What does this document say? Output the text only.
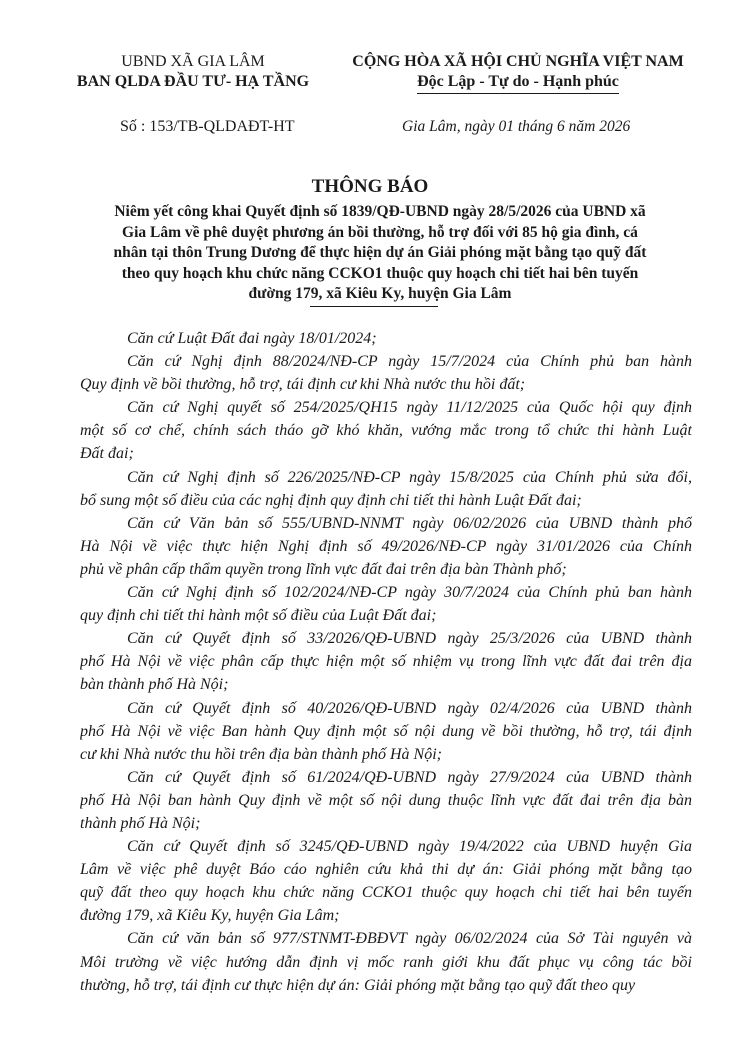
UBND XÃ GIA LÂM
BAN QLDA ĐẦU TƯ- HẠ TẦNG
CỘNG HÒA XÃ HỘI CHỦ NGHĨA VIỆT NAM
Độc Lập - Tự do - Hạnh phúc
Số : 153/TB-QLDAĐT-HT	Gia Lâm, ngày 01 tháng 6 năm 2026
THÔNG BÁO
Niêm yết công khai Quyết định số 1839/QĐ-UBND ngày 28/5/2026 của UBND xã
Gia Lâm về phê duyệt phương án bồi thường, hỗ trợ đối với 85 hộ gia đình, cá
nhân tại thôn Trung Dương để thực hiện dự án Giải phóng mặt bằng tạo quỹ đất
theo quy hoạch khu chức năng CCKO1 thuộc quy hoạch chi tiết hai bên tuyến
đường 179, xã Kiêu Ky, huyện Gia Lâm
Căn cứ Luật Đất đai ngày 18/01/2024;
Căn cứ Nghị định 88/2024/NĐ-CP ngày 15/7/2024 của Chính phủ ban hành
Quy định về bồi thường, hỗ trợ, tái định cư khi Nhà nước thu hồi đất;
Căn cứ Nghị quyết số 254/2025/QH15 ngày 11/12/2025 của Quốc hội quy định
một số cơ chế, chính sách tháo gỡ khó khăn, vướng mắc trong tổ chức thi hành Luật
Đất đai;
Căn cứ Nghị định số 226/2025/NĐ-CP ngày 15/8/2025 của Chính phủ sửa đổi,
bổ sung một số điều của các nghị định quy định chi tiết thi hành Luật Đất đai;
Căn cứ Văn bản số 555/UBND-NNMT ngày 06/02/2026 của UBND thành phố
Hà Nội về việc thực hiện Nghị định số 49/2026/NĐ-CP ngày 31/01/2026 của Chính
phủ về phân cấp thẩm quyền trong lĩnh vực đất đai trên địa bàn Thành phố;
Căn cứ Nghị định số 102/2024/NĐ-CP ngày 30/7/2024 của Chính phủ ban hành
quy định chi tiết thi hành một số điều của Luật Đất đai;
Căn cứ Quyết định số 33/2026/QĐ-UBND ngày 25/3/2026 của UBND thành
phố Hà Nội về việc phân cấp thực hiện một số nhiệm vụ trong lĩnh vực đất đai trên địa
bàn thành phố Hà Nội;
Căn cứ Quyết định số 40/2026/QĐ-UBND ngày 02/4/2026 của UBND thành
phố Hà Nội về việc Ban hành Quy định một số nội dung về bồi thường, hỗ trợ, tái định
cư khi Nhà nước thu hồi trên địa bàn thành phố Hà Nội;
Căn cứ Quyết định số 61/2024/QĐ-UBND ngày 27/9/2024 của UBND thành
phố Hà Nội ban hành Quy định về một số nội dung thuộc lĩnh vực đất đai trên địa bàn
thành phố Hà Nội;
Căn cứ Quyết định số 3245/QĐ-UBND ngày 19/4/2022 của UBND huyện Gia
Lâm về việc phê duyệt Báo cáo nghiên cứu khả thi dự án: Giải phóng mặt bằng tạo
quỹ đất theo quy hoạch khu chức năng CCKO1 thuộc quy hoạch chi tiết hai bên tuyến
đường 179, xã Kiêu Ky, huyện Gia Lâm;
Căn cứ văn bản số 977/STNMT-ĐBĐVT ngày 06/02/2024 của Sở Tài nguyên và
Môi trường về việc hướng dẫn định vị mốc ranh giới khu đất phục vụ công tác bồi
thường, hỗ trợ, tái định cư thực hiện dự án: Giải phóng mặt bằng tạo quỹ đất theo quy
